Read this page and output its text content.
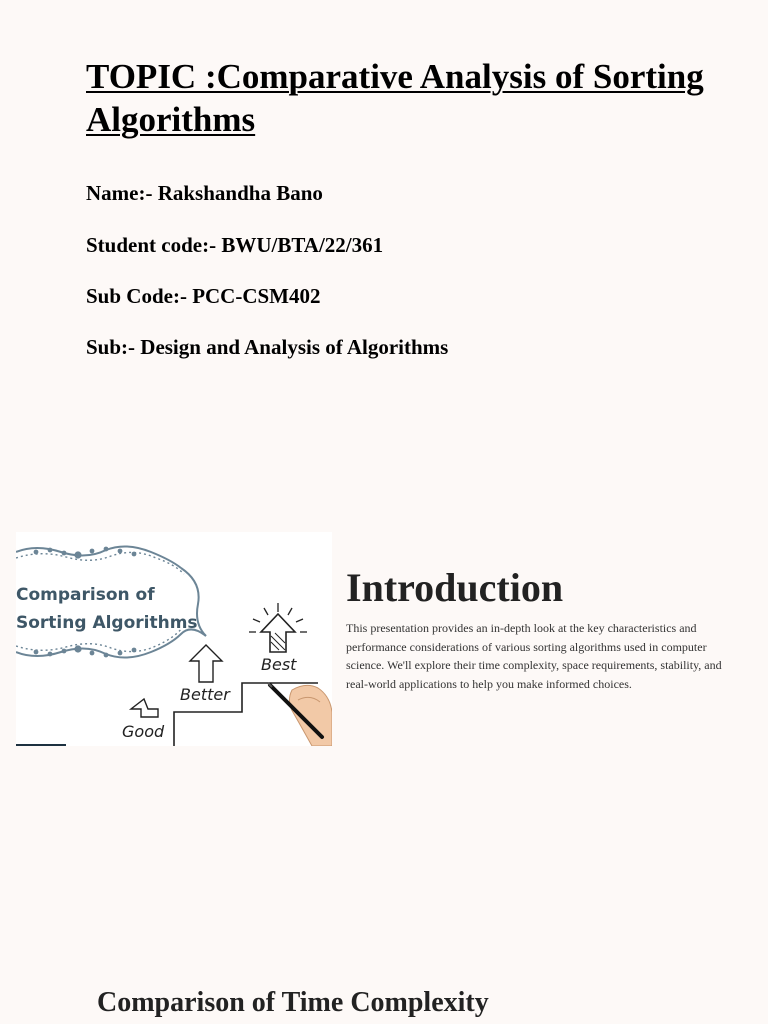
TOPIC :Comparative Analysis of Sorting Algorithms

Name:- Rakshandha Bano

Student code:- BWU/BTA/22/361

Sub Code:- PCC-CSM402

Sub:- Design and Analysis of Algorithms

Comparison of
Sorting Algorithms
Good
Better
Best
Introduction

This presentation provides an in-depth look at the key characteristics and performance considerations of various sorting algorithms used in computer science. We'll explore their time complexity, space requirements, stability, and real-world applications to help you make informed choices.

Comparison of Time Complexity
